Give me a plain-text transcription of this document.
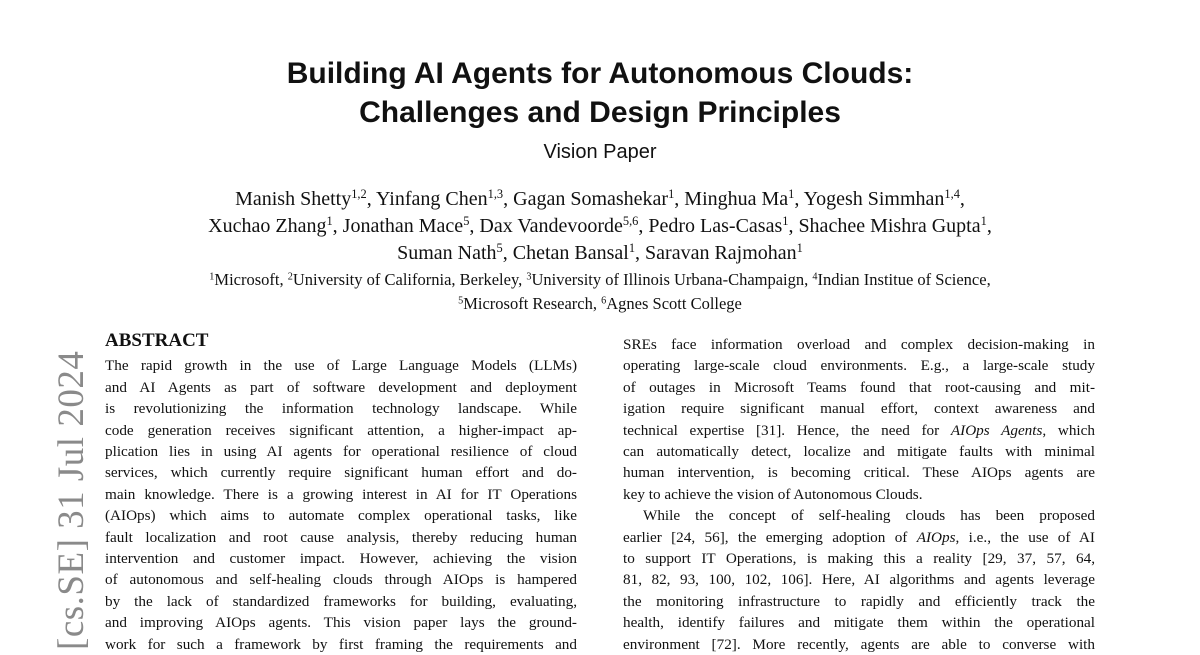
Building AI Agents for Autonomous Clouds:
Challenges and Design Principles
Vision Paper
Manish Shetty$^{1,2}$, Yinfang Chen$^{1,3}$, Gagan Somashekar$^1$, Minghua Ma$^1$, Yogesh Simmhan$^{1,4}$,
Xuchao Zhang$^1$, Jonathan Mace$^5$, Dax Vandevoorde$^{5,6}$, Pedro Las-Casas$^1$, Shachee Mishra Gupta$^1$,
Suman Nath$^5$, Chetan Bansal$^1$, Saravan Rajmohan$^1$
$^1$Microsoft, $^2$University of California, Berkeley, $^3$University of Illinois Urbana-Champaign, $^4$Indian Institue of Science,
$^5$Microsoft Research, $^6$Agnes Scott College
[cs.SE] 31 Jul 2024
ABSTRACT
The rapid growth in the use of Large Language Models (LLMs)
and AI Agents as part of software development and deployment
is revolutionizing the information technology landscape. While
code generation receives significant attention, a higher-impact ap-
plication lies in using AI agents for operational resilience of cloud
services, which currently require significant human effort and do-
main knowledge. There is a growing interest in AI for IT Operations
(AIOps) which aims to automate complex operational tasks, like
fault localization and root cause analysis, thereby reducing human
intervention and customer impact. However, achieving the vision
of autonomous and self-healing clouds through AIOps is hampered
by the lack of standardized frameworks for building, evaluating,
and improving AIOps agents. This vision paper lays the ground-
work for such a framework by first framing the requirements and
SREs face information overload and complex decision-making in
operating large-scale cloud environments. E.g., a large-scale study
of outages in Microsoft Teams found that root-causing and mit-
igation require significant manual effort, context awareness and
technical expertise [31]. Hence, the need for AIOps Agents, which
can automatically detect, localize and mitigate faults with minimal
human intervention, is becoming critical. These AIOps agents are
key to achieve the vision of Autonomous Clouds.
While the concept of self-healing clouds has been proposed
earlier [24, 56], the emerging adoption of AIOps, i.e., the use of AI
to support IT Operations, is making this a reality [29, 37, 57, 64,
81, 82, 93, 100, 102, 106]. Here, AI algorithms and agents leverage
the monitoring infrastructure to rapidly and efficiently track the
health, identify failures and mitigate them within the operational
environment [72]. More recently, agents are able to converse with
